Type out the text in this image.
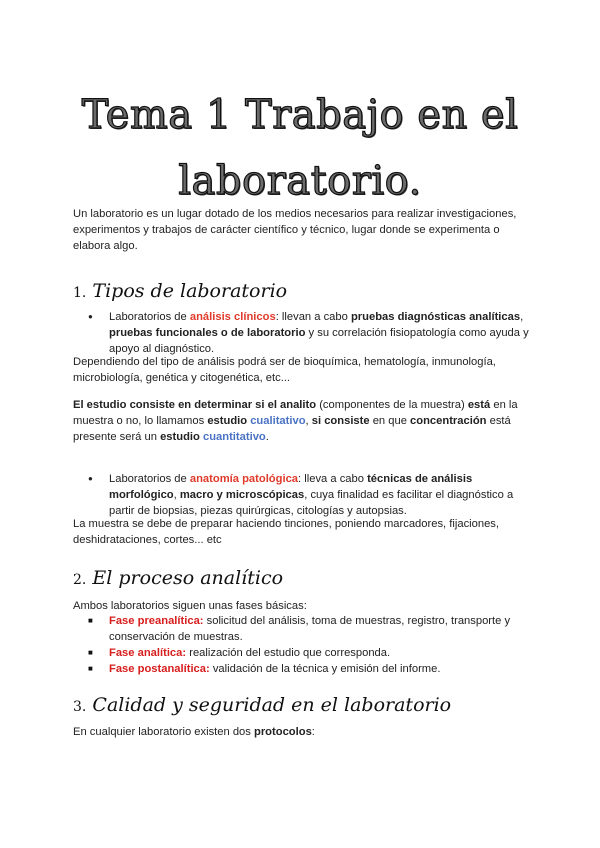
Tema 1 Trabajo en el
laboratorio.

Un laboratorio es un lugar dotado de los medios necesarios para realizar investigaciones, experimentos y trabajos de carácter científico y técnico, lugar donde se experimenta o elabora algo.

1. Tipos de laboratorio
● Laboratorios de análisis clínicos: llevan a cabo pruebas diagnósticas analíticas, pruebas funcionales o de laboratorio y su correlación fisiopatología como ayuda y apoyo al diagnóstico.

Dependiendo del tipo de análisis podrá ser de bioquímica, hematología, inmunología, microbiología, genética y citogenética, etc...

El estudio consiste en determinar si el analito (componentes de la muestra) está en la muestra o no, lo llamamos estudio cualitativo, si consiste en que concentración está presente será un estudio cuantitativo.

● Laboratorios de anatomía patológica: lleva a cabo técnicas de análisis morfológico, macro y microscópicas, cuya finalidad es facilitar el diagnóstico a partir de biopsias, piezas quirúrgicas, citologías y autopsias.

La muestra se debe de preparar haciendo tinciones, poniendo marcadores, fijaciones, deshidrataciones, cortes... etc

2. El proceso analítico

Ambos laboratorios siguen unas fases básicas:

■ Fase preanalítica: solicitud del análisis, toma de muestras, registro, transporte y conservación de muestras.
■ Fase analítica: realización del estudio que corresponda.
■ Fase postanalítica: validación de la técnica y emisión del informe.
3. Calidad y seguridad en el laboratorio

En cualquier laboratorio existen dos protocolos:
